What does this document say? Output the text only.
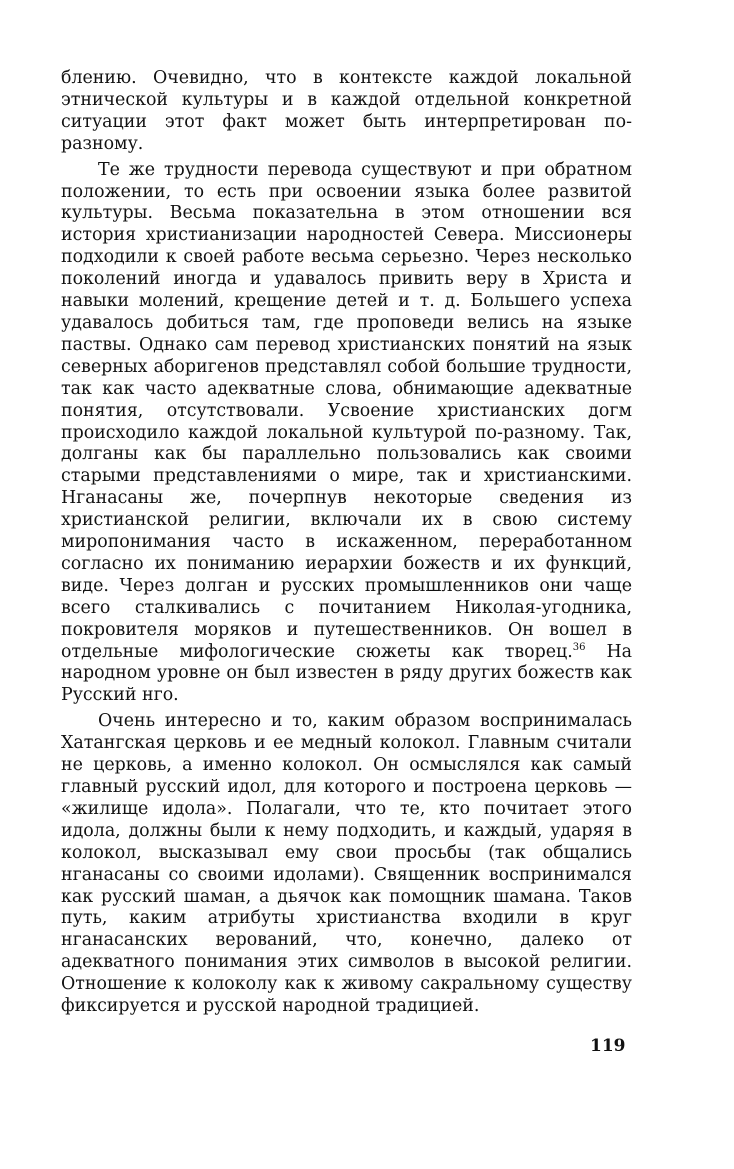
блению. Очевидно, что в контексте каждой локальной этнической культуры и в каждой отдельной конкретной ситуации этот факт может быть интерпретирован по-разному.

Те же трудности перевода существуют и при обратном положении, то есть при освоении языка более развитой культуры. Весьма показательна в этом отношении вся история христианизации народностей Севера. Миссионеры подходили к своей работе весьма серьезно. Через несколько поколений иногда и удавалось привить веру в Христа и навыки молений, крещение детей и т. д. Большего успеха удавалось добиться там, где проповеди велись на языке паствы. Однако сам перевод христианских понятий на язык северных аборигенов представлял собой большие трудности, так как часто адекватные слова, обнимающие адекватные понятия, отсутствовали. Усвоение христианских догм происходило каждой локальной культурой по-разному. Так, долганы как бы параллельно пользовались как своими старыми представлениями о мире, так и христианскими. Нганасаны же, почерпнув некоторые сведения из христианской религии, включали их в свою систему миропонимания часто в искаженном, переработанном согласно их пониманию иерархии божеств и их функций, виде. Через долган и русских промышленников они чаще всего сталкивались с почитанием Николая-угодника, покровителя моряков и путешественников. Он вошел в отдельные мифологические сюжеты как творец.$^{36}$ На народном уровне он был известен в ряду других божеств как Русский нго.

Очень интересно и то, каким образом воспринималась Хатангская церковь и ее медный колокол. Главным считали не церковь, а именно колокол. Он осмыслялся как самый главный русский идол, для которого и построена церковь — «жилище идола». Полагали, что те, кто почитает этого идола, должны были к нему подходить, и каждый, ударяя в колокол, высказывал ему свои просьбы (так общались нганасаны со своими идолами). Священник воспринимался как русский шаман, а дьячок как помощник шамана. Таков путь, каким атрибуты христианства входили в круг нганасанских верований, что, конечно, далеко от адекватного понимания этих символов в высокой религии. Отношение к колоколу как к живому сакральному существу фиксируется и русской народной традицией.

119
